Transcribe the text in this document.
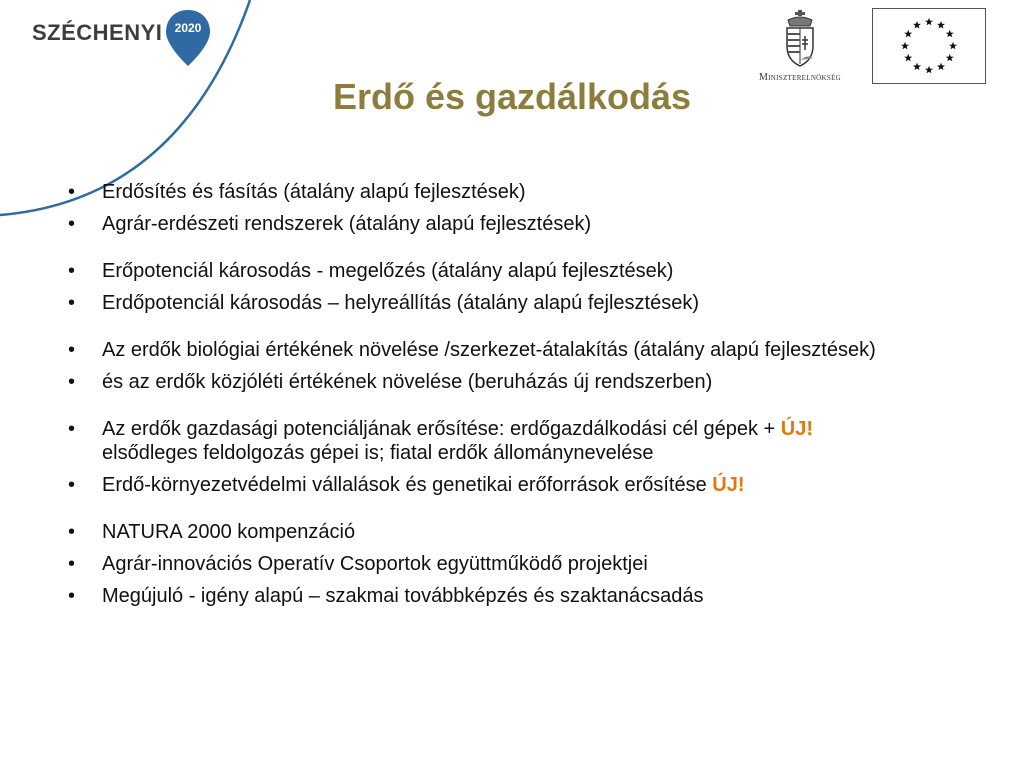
SZÉCHENYI	2020
Miniszterelnökség
Erdő és gazdálkodás
• Erdősítés és fásítás (átalány alapú fejlesztések)
• Agrár-erdészeti rendszerek (átalány alapú fejlesztések)
• Erőpotenciál károsodás - megelőzés (átalány alapú fejlesztések)
• Erdőpotenciál károsodás – helyreállítás (átalány alapú fejlesztések)
• Az erdők biológiai értékének növelése /szerkezet-átalakítás (átalány alapú fejlesztések)
• és az erdők közjóléti értékének növelése (beruházás új rendszerben)
• Az erdők gazdasági potenciáljának erősítése: erdőgazdálkodási cél gépek + ÚJ!
elsődleges feldolgozás gépei is; fiatal erdők állománynevelése
• Erdő-környezetvédelmi vállalások és genetikai erőforrások erősítése ÚJ!
• NATURA 2000 kompenzáció
• Agrár-innovációs Operatív Csoportok együttműködő projektjei
• Megújuló - igény alapú – szakmai továbbképzés és szaktanácsadás
